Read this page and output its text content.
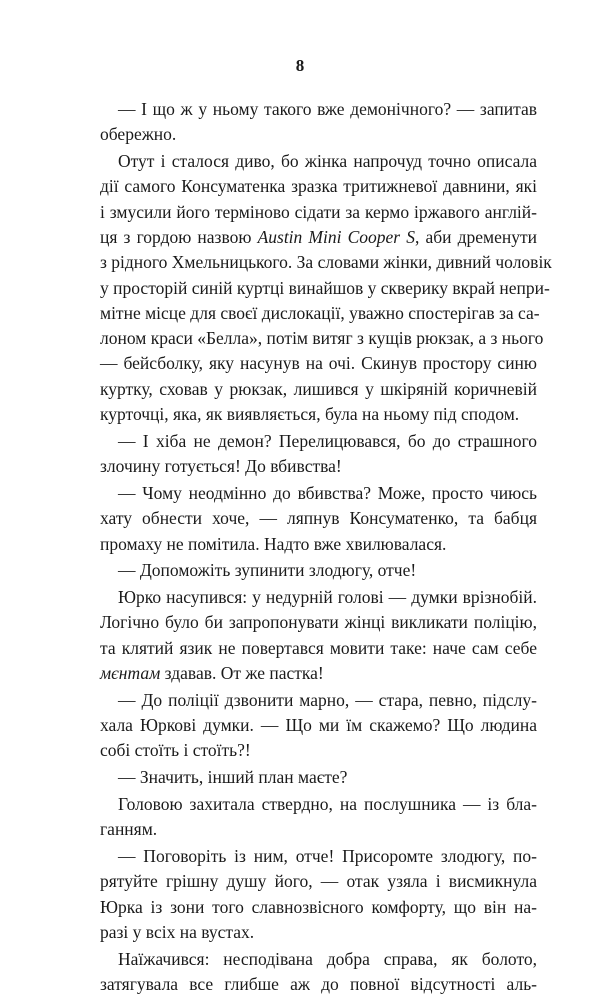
8
— І що ж у ньому такого вже демонічного? — запитав
обережно.
Отут і сталося диво, бо жінка напрочуд точно описала
дії самого Консуматенка зразка тритижневої давнини, які
і змусили його терміново сідати за кермо іржавого англій-
ця з гордою назвою Austin Mini Cooper S, аби дременути
з рідного Хмельницького. За словами жінки, дивний чоловік
у просторій синій куртці винайшов у скверику вкрай непри-
мітне місце для своєї дислокації, уважно спостерігав за са-
лоном краси «Белла», потім витяг з кущів рюкзак, а з нього
— бейсболку, яку насунув на очі. Скинув простору синю
куртку, сховав у рюкзак, лишився у шкіряній коричневій
курточці, яка, як виявляється, була на ньому під сподом.
— І хіба не демон? Перелицювався, бо до страшного
злочину готується! До вбивства!
— Чому неодмінно до вбивства? Може, просто чиюсь
хату обнести хоче, — ляпнув Консуматенко, та бабця
промаху не помітила. Надто вже хвилювалася.
— Допоможіть зупинити злодюгу, отче!
Юрко насупився: у недурній голові — думки врізнобій.
Логічно було би запропонувати жінці викликати поліцію,
та клятий язик не повертався мовити таке: наче сам себе
мєнтам здавав. От же пастка!
— До поліції дзвонити марно, — стара, певно, підслу-
хала Юркові думки. — Що ми їм скажемо? Що людина
собі стоїть і стоїть?!
— Значить, інший план маєте?
Головою захитала ствердно, на послушника — із бла-
ганням.
— Поговоріть із ним, отче! Присоромте злодюгу, по-
рятуйте грішну душу його, — отак узяла і висмикнула
Юрка із зони того славнозвісного комфорту, що він на-
разі у всіх на вустах.
Наїжачився: несподівана добра справа, як болото,
затягувала все глибше аж до повної відсутності аль-
